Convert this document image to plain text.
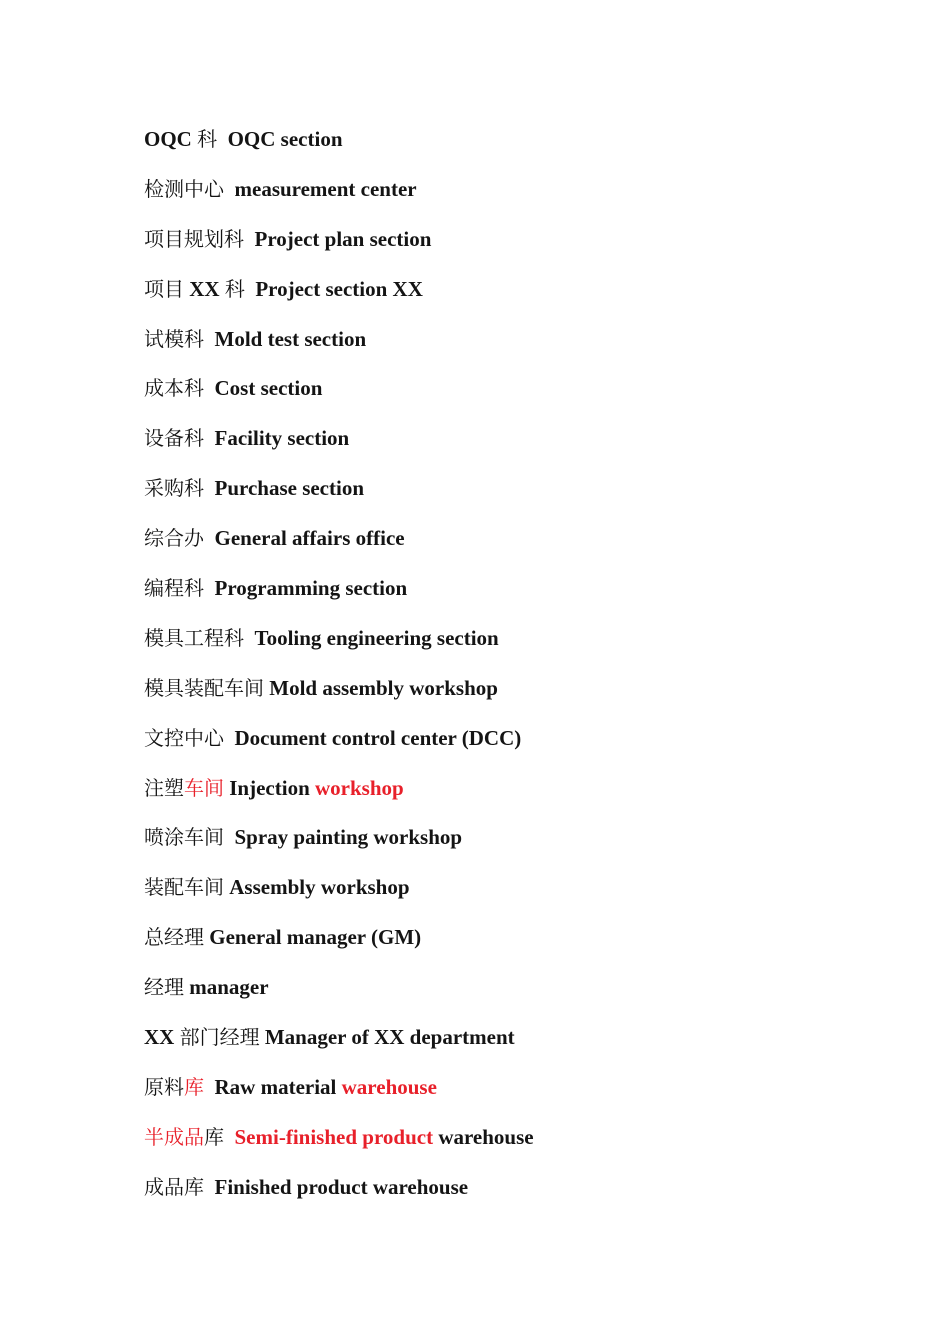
OQC 科  OQC section
检测中心  measurement center
项目规划科  Project plan section
项目 XX 科  Project section XX
试模科  Mold test section
成本科  Cost section
设备科  Facility section
采购科  Purchase section
综合办  General affairs office
编程科  Programming section
模具工程科  Tooling engineering section
模具装配车间 Mold assembly workshop
文控中心  Document control center (DCC)
注塑车间 Injection workshop
喷涂车间  Spray painting workshop
装配车间 Assembly workshop
总经理 General manager (GM)
经理 manager
XX 部门经理 Manager of XX department
原料库  Raw material warehouse
半成品库 Semi-finished product warehouse
成品库  Finished product warehouse
